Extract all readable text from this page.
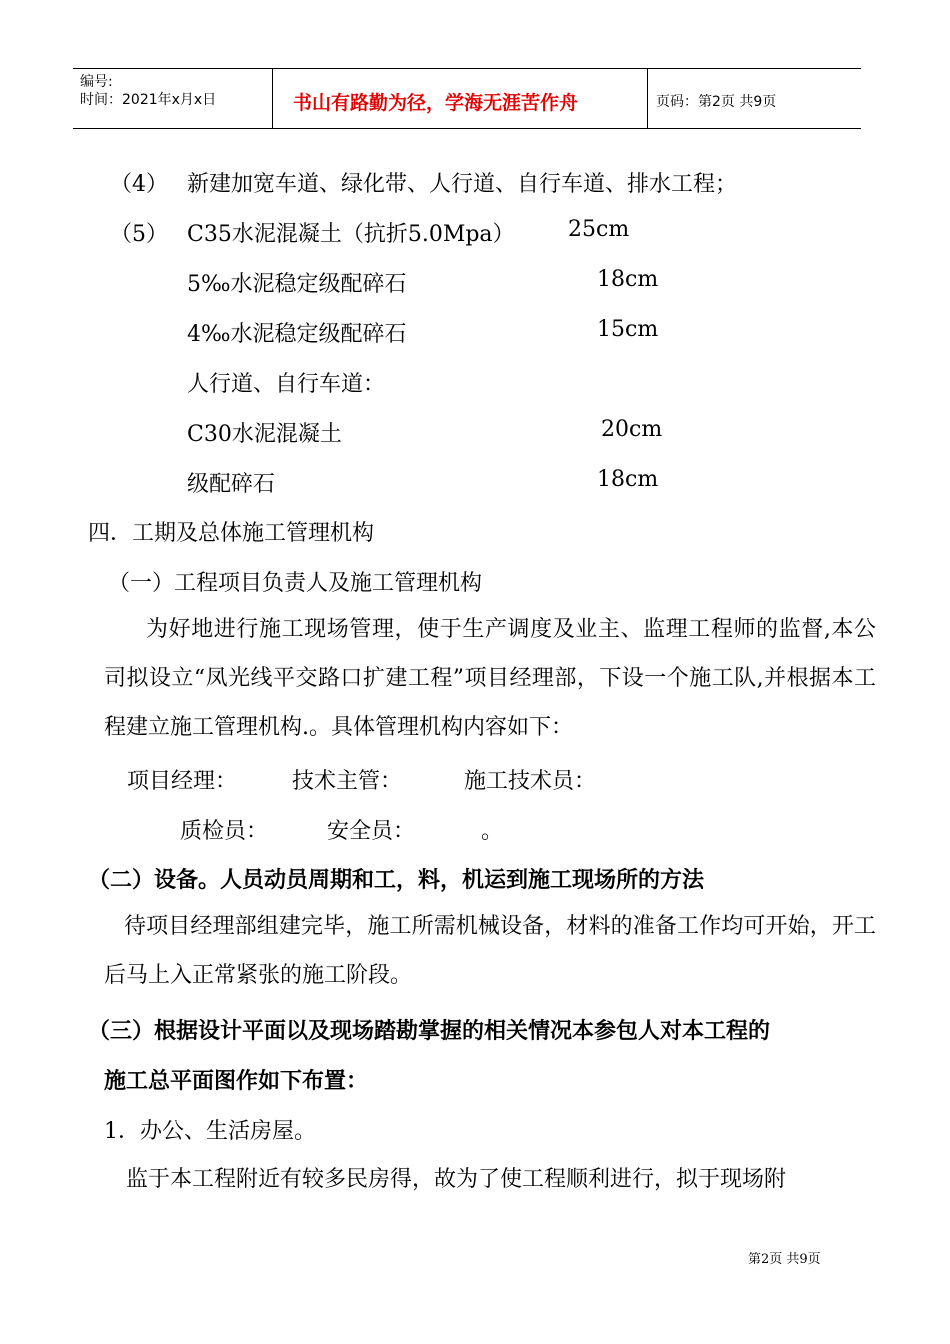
编号:
时间：2021年x月x日	书山有路勤为径，学海无涯苦作舟	页码：第2页 共9页
（4） 新建加宽车道、绿化带、人行道、自行车道、排水工程；
（5） C35水泥混凝土（抗折5.0Mpa） 25cm
5‰水泥稳定级配碎石	18cm
4‰水泥稳定级配碎石	15cm
人行道、自行车道：
C30水泥混凝土	20cm
级配碎石	18cm
四．工期及总体施工管理机构
（一）工程项目负责人及施工管理机构
为好地进行施工现场管理，使于生产调度及业主、监理工程师的监督,本公司拟设立“凤光线平交路口扩建工程”项目经理部，下设一个施工队,并根据本工程建立施工管理机构.。具体管理机构内容如下：
项目经理： 技术主管：	施工技术员：
质检员：	安全员：	。
（二）设备。人员动员周期和工，料，机运到施工现场所的方法
待项目经理部组建完毕，施工所需机械设备，材料的准备工作均可开始，开工后马上入正常紧张的施工阶段。
（三）根据设计平面以及现场踏勘掌握的相关情况本参包人对本工程的
施工总平面图作如下布置：
1．办公、生活房屋。
监于本工程附近有较多民房得，故为了使工程顺利进行，拟于现场附
第2页 共9页
